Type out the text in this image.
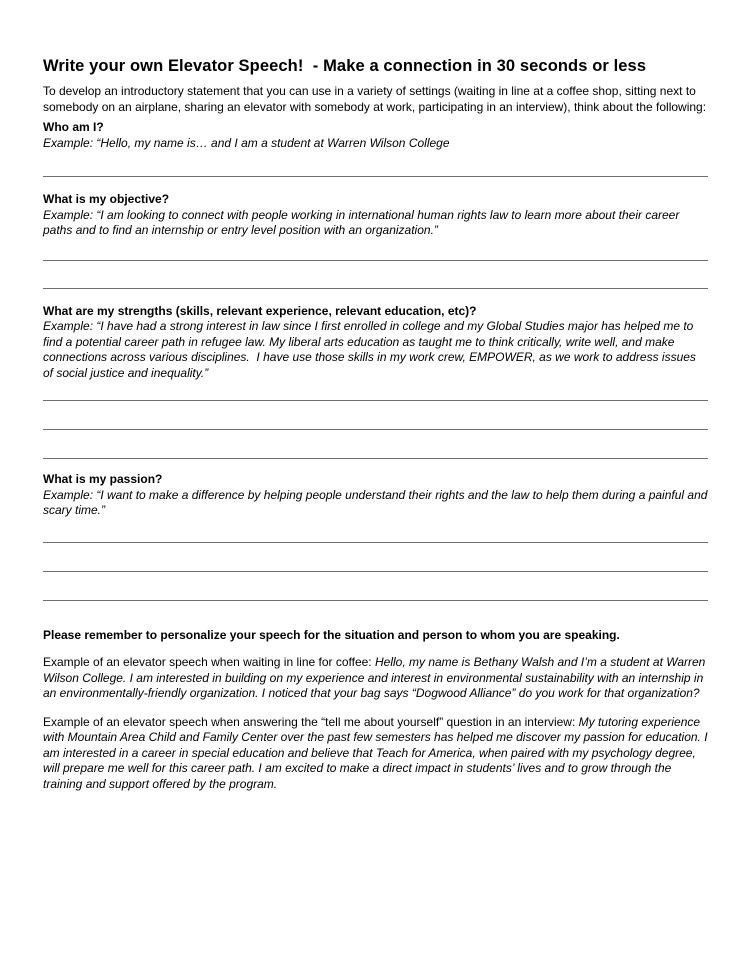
Write your own Elevator Speech!  - Make a connection in 30 seconds or less

To develop an introductory statement that you can use in a variety of settings (waiting in line at a coffee shop, sitting next to somebody on an airplane, sharing an elevator with somebody at work, participating in an interview), think about the following:

Who am I?

Example: “Hello, my name is… and I am a student at Warren Wilson College

What is my objective?

Example: “I am looking to connect with people working in international human rights law to learn more about their career paths and to find an internship or entry level position with an organization.”

What are my strengths (skills, relevant experience, relevant education, etc)?

Example: “I have had a strong interest in law since I first enrolled in college and my Global Studies major has helped me to find a potential career path in refugee law. My liberal arts education as taught me to think critically, write well, and make connections across various disciplines.  I have use those skills in my work crew, EMPOWER, as we work to address issues of social justice and inequality.”

What is my passion?

Example: “I want to make a difference by helping people understand their rights and the law to help them during a painful and scary time.”

Please remember to personalize your speech for the situation and person to whom you are speaking.

Example of an elevator speech when waiting in line for coffee: Hello, my name is Bethany Walsh and I’m a student at Warren Wilson College. I am interested in building on my experience and interest in environmental sustainability with an internship in an environmentally-friendly organization. I noticed that your bag says “Dogwood Alliance” do you work for that organization?

Example of an elevator speech when answering the “tell me about yourself” question in an interview: My tutoring experience with Mountain Area Child and Family Center over the past few semesters has helped me discover my passion for education. I am interested in a career in special education and believe that Teach for America, when paired with my psychology degree, will prepare me well for this career path. I am excited to make a direct impact in students’ lives and to grow through the training and support offered by the program.
